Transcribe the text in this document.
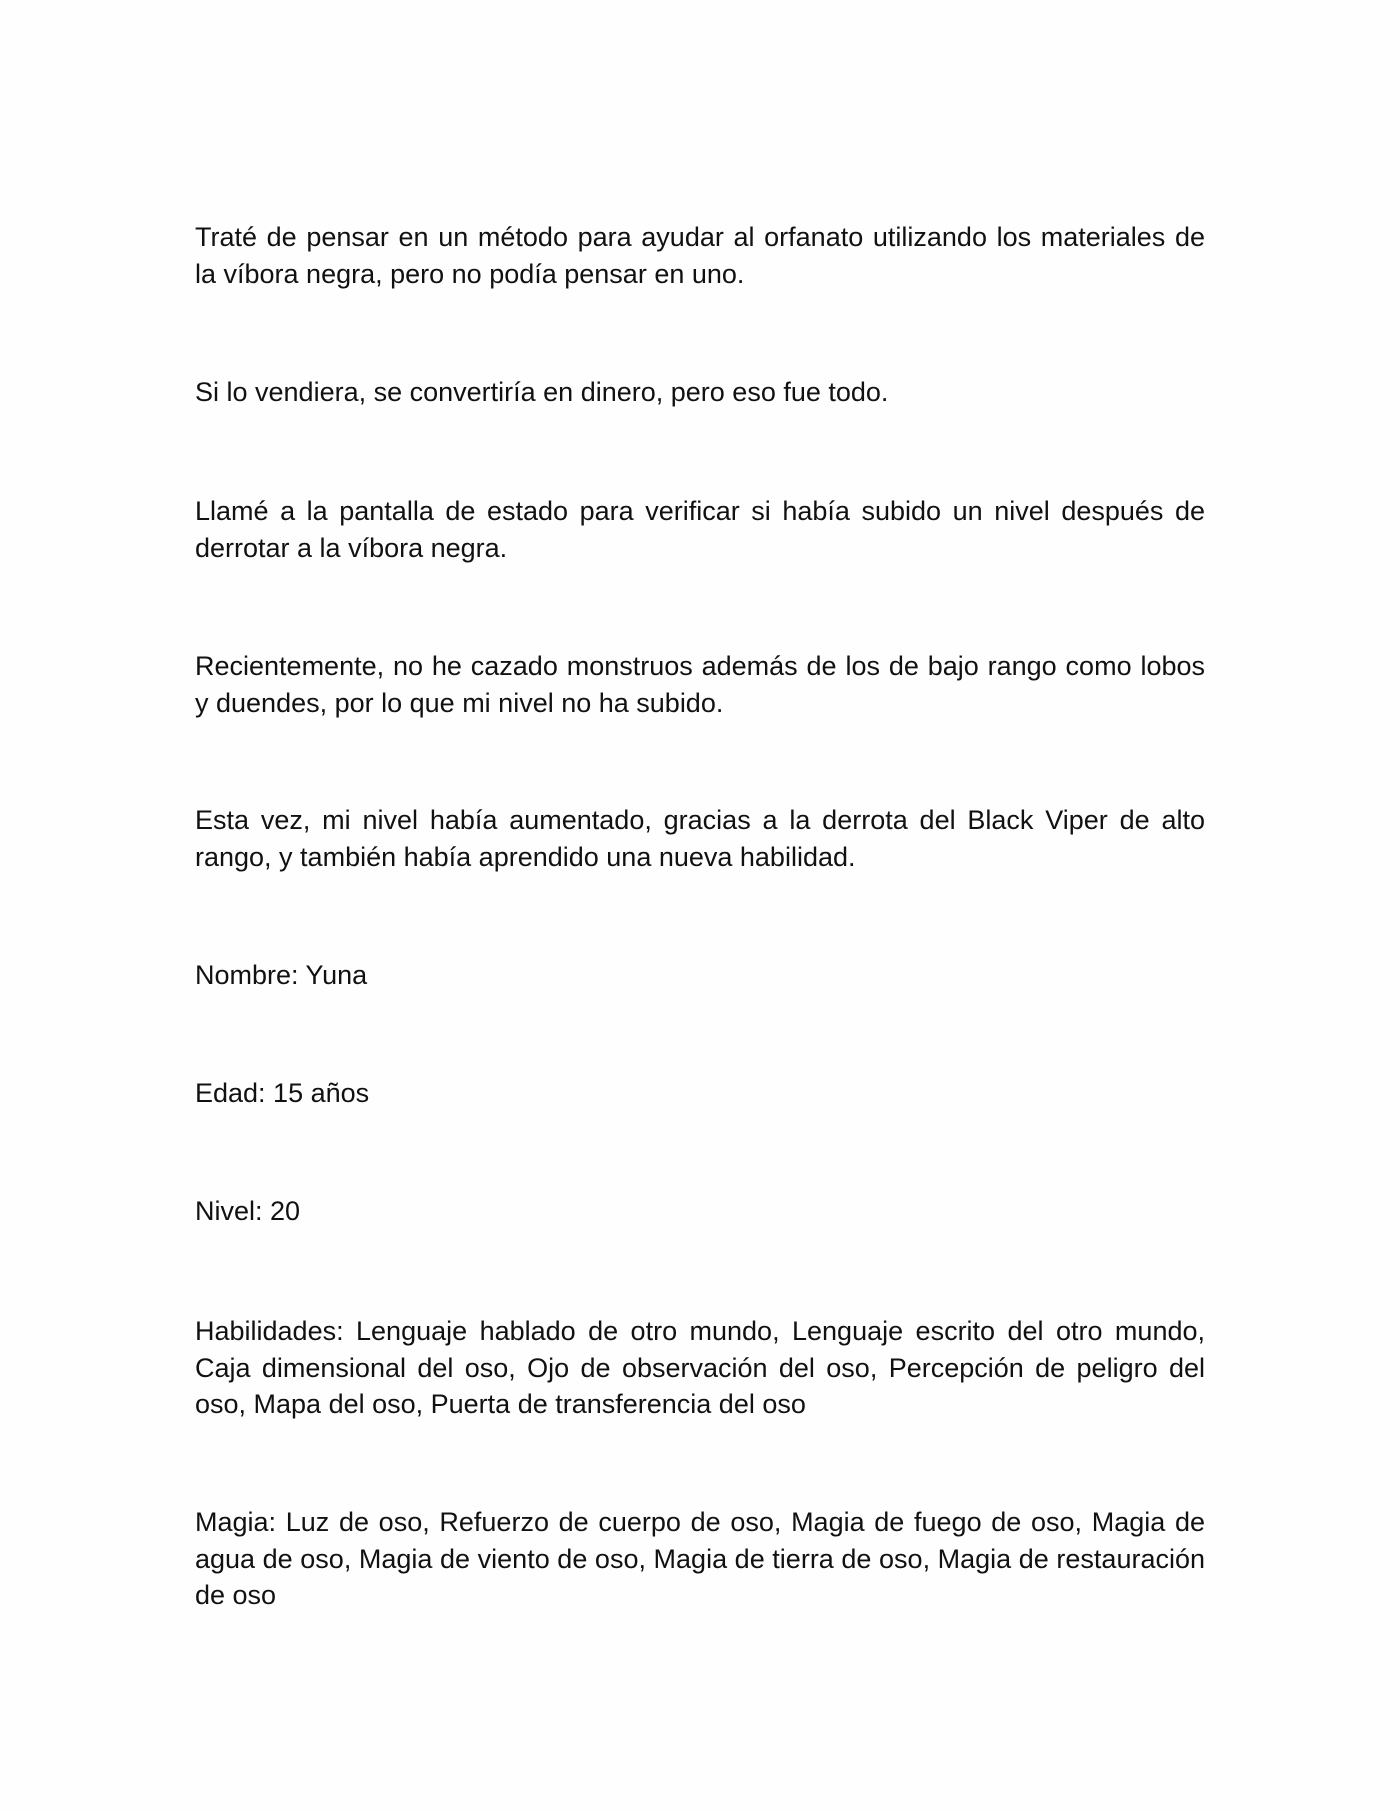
Traté de pensar en un método para ayudar al orfanato utilizando los materiales de la víbora negra, pero no podía pensar en uno.

Si lo vendiera, se convertiría en dinero, pero eso fue todo.

Llamé a la pantalla de estado para verificar si había subido un nivel después de derrotar a la víbora negra.

Recientemente, no he cazado monstruos además de los de bajo rango como lobos y duendes, por lo que mi nivel no ha subido.

Esta vez, mi nivel había aumentado, gracias a la derrota del Black Viper de alto rango, y también había aprendido una nueva habilidad.

Nombre: Yuna

Edad: 15 años

Nivel: 20

Habilidades: Lenguaje hablado de otro mundo, Lenguaje escrito del otro mundo, Caja dimensional del oso, Ojo de observación del oso, Percepción de peligro del oso, Mapa del oso, Puerta de transferencia del oso

Magia: Luz de oso, Refuerzo de cuerpo de oso, Magia de fuego de oso, Magia de agua de oso, Magia de viento de oso, Magia de tierra de oso, Magia de restauración de oso
